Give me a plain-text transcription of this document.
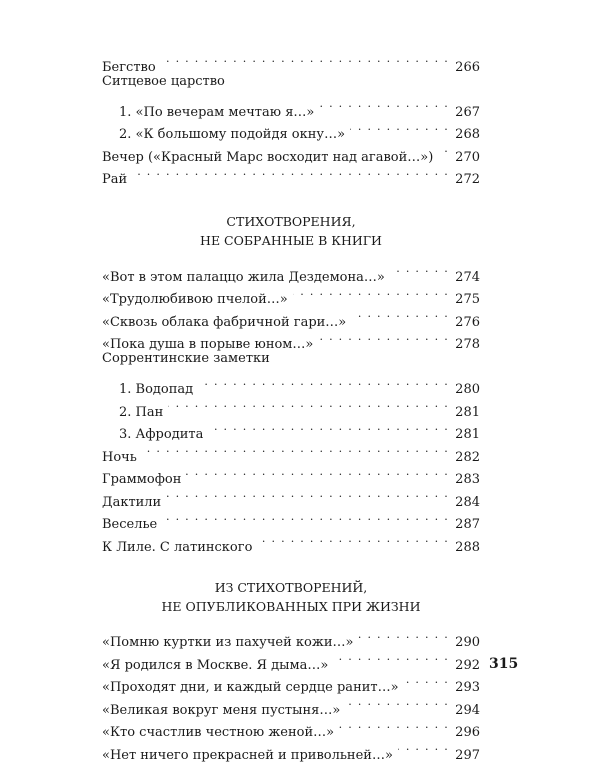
Бегство . . .	266
Ситцевое царство
1. «По вечерам мечтаю я…» . . .	267
2. «К большому подойдя окну…» . . .	268
Вечер («Красный Марс восходит над агавой…») . . . 270
Рай . . .	272
СТИХОТВОРЕНИЯ,
НЕ СОБРАННЫЕ В КНИГИ
«Вот в этом палаццо жила Дездемона…» . . .	274
«Трудолюбивою пчелой…» . . .	275
«Сквозь облака фабричной гари…» . . .	276
«Пока душа в порыве юном…» . . .	278
Соррентинские заметки
1. Водопад . . .	280
2. Пан . . .	281
3. Афродита . . .	281
Ночь . . .	282
Граммофон . . .	283
Дактили . . .	284
Веселье . . .	287
К Лиле. С латинского . . .	288
ИЗ СТИХОТВОРЕНИЙ,
НЕ ОПУБЛИКОВАННЫХ ПРИ ЖИЗНИ
«Помню куртки из пахучей кожи…» . . .	290
«Я родился в Москве. Я дыма…» . . .	292
«Проходят дни, и каждый сердце ранит…» . . .	293
«Великая вокруг меня пустыня…» . . .	294
«Кто счастлив честною женой…» . . .	296
«Нет ничего прекрасней и привольней…» . . .	297
315
